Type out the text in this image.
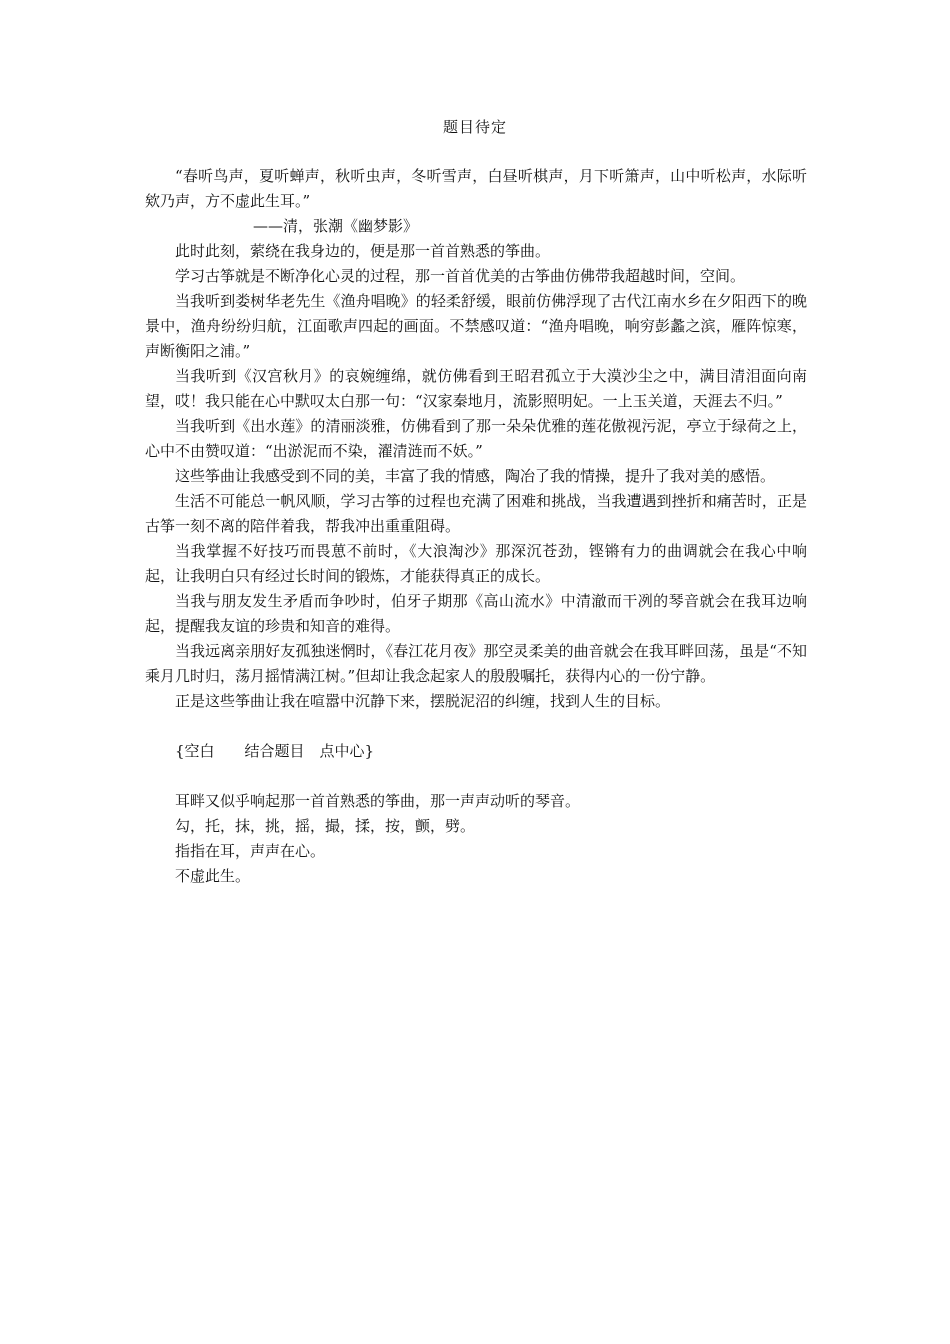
题目待定

“春听鸟声，夏听蝉声，秋听虫声，冬听雪声，白昼听棋声，月下听箫声，山中听松声，水际听欸乃声，方不虚此生耳。”

——清，张潮《幽梦影》

此时此刻，萦绕在我身边的，便是那一首首熟悉的筝曲。

学习古筝就是不断净化心灵的过程，那一首首优美的古筝曲仿佛带我超越时间，空间。

当我听到娄树华老先生《渔舟唱晚》的轻柔舒缓，眼前仿佛浮现了古代江南水乡在夕阳西下的晚景中，渔舟纷纷归航，江面歌声四起的画面。不禁感叹道：“渔舟唱晚，响穷彭蠡之滨，雁阵惊寒，声断衡阳之浦。”

当我听到《汉宫秋月》的哀婉缠绵，就仿佛看到王昭君孤立于大漠沙尘之中，满目清泪面向南望，哎！我只能在心中默叹太白那一句：“汉家秦地月，流影照明妃。一上玉关道，天涯去不归。”

当我听到《出水莲》的清丽淡雅，仿佛看到了那一朵朵优雅的莲花傲视污泥，亭立于绿荷之上，心中不由赞叹道：“出淤泥而不染，濯清涟而不妖。”

这些筝曲让我感受到不同的美，丰富了我的情感，陶冶了我的情操，提升了我对美的感悟。

生活不可能总一帆风顺，学习古筝的过程也充满了困难和挑战，当我遭遇到挫折和痛苦时，正是古筝一刻不离的陪伴着我，帮我冲出重重阻碍。

当我掌握不好技巧而畏葸不前时，《大浪淘沙》那深沉苍劲，铿锵有力的曲调就会在我心中响起，让我明白只有经过长时间的锻炼，才能获得真正的成长。

当我与朋友发生矛盾而争吵时，伯牙子期那《高山流水》中清澈而干冽的琴音就会在我耳边响起，提醒我友谊的珍贵和知音的难得。

当我远离亲朋好友孤独迷惘时，《春江花月夜》那空灵柔美的曲音就会在我耳畔回荡，虽是“不知乘月几时归，荡月摇情满江树。”但却让我念起家人的殷殷嘱托，获得内心的一份宁静。

正是这些筝曲让我在喧嚣中沉静下来，摆脱泥沼的纠缠，找到人生的目标。

{空白　　结合题目　点中心}

耳畔又似乎响起那一首首熟悉的筝曲，那一声声动听的琴音。

勾，托，抹，挑，摇，撮，揉，按，颤，劈。

指指在耳，声声在心。

不虚此生。
